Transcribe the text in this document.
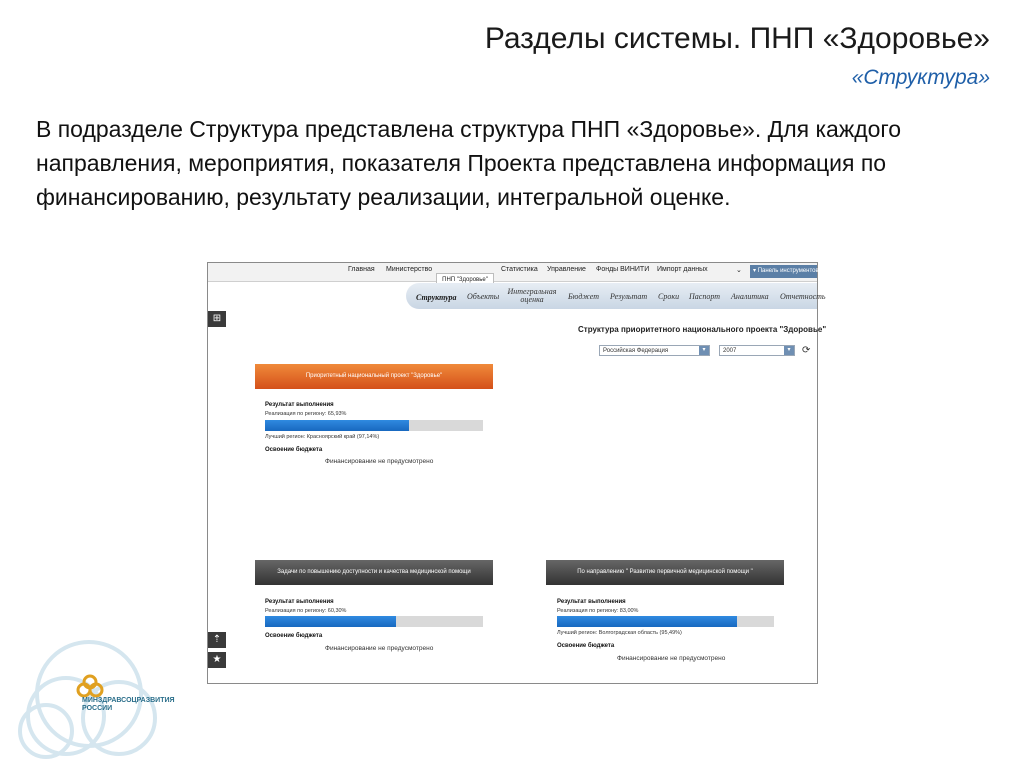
Разделы системы. ПНП «Здоровье»
«Структура»
В подразделе Структура представлена структура ПНП «Здоровье». Для каждого направления, мероприятия, показателя Проекта представлена информация по финансированию, результату реализации, интегральной оценке.
Главная Министерство	Статистика Управление Фонды ВИНИТИ Импорт данных	⌄	▾ Панель инструментов
ПНП "Здоровье"
Структура Объекты
Интегральная оценка	Бюджет Результат Сроки Паспорт Аналитика Отчетность
⊞
⇡
★
Структура приоритетного национального проекта "Здоровье"
Российская Федерация	▾	2007	▾	⟳
Приоритетный национальный проект "Здоровье"
Результат выполнения
Реализация по региону: 65,93%
Лучший регион: Красноярский край (97,14%)
Освоение бюджета
Финансирование не предусмотрено
Задачи по повышению доступности и качества медицинской помощи
Результат выполнения
Реализация по региону: 60,30%
Освоение бюджета
Финансирование не предусмотрено
По направлению " Развитие первичной медицинской помощи "
Результат выполнения
Реализация по региону: 83,00%
Лучший регион: Волгоградская область (95,49%)
Освоение бюджета
Финансирование не предусмотрено
МИНЗДРАВСОЦРАЗВИТИЯ
РОССИИ
